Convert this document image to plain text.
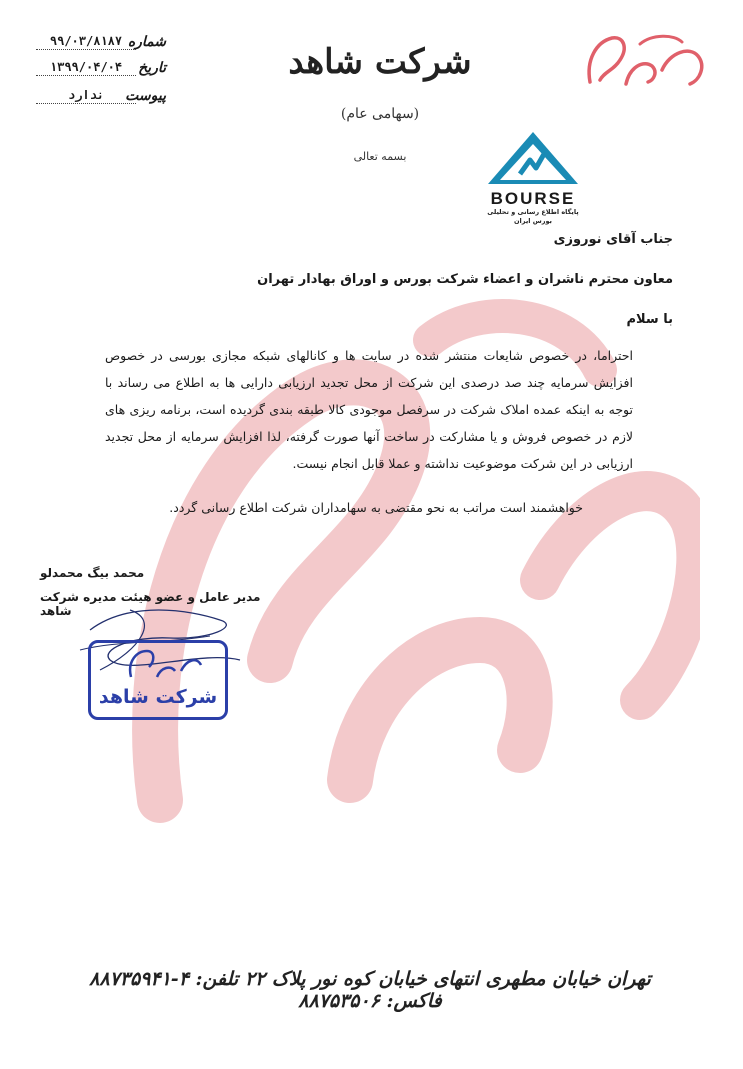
شرکت شاهد
(سهامی عام)
بسمه تعالی
شماره
۹۹/۰۳/۸۱۸۷
تاریخ
۱۳۹۹/۰۴/۰۴
پیوست
ندارد
BOURSE
پایگاه اطلاع رسانی و تحلیلی بورس ایران
جناب آقای نوروزی
معاون محترم ناشران و اعضاء شرکت بورس و اوراق بهادار تهران
با سلام
احتراما، در خصوص شایعات منتشر شده در سایت ها و کانالهای شبکه مجازی بورسی در خصوص افزایش سرمایه چند صد درصدی این شرکت از محل تجدید ارزیابی دارایی ها به اطلاع می رساند با توجه به اینکه عمده املاک شرکت در سرفصل موجودی کالا طبقه بندی گردیده است، برنامه ریزی های لازم در خصوص فروش و یا مشارکت در ساخت آنها صورت گرفته، لذا افزایش سرمایه از محل تجدید ارزیابی در این شرکت موضوعیت نداشته و عملا قابل انجام نیست.
خواهشمند است مراتب به نحو مقتضی به سهامداران شرکت اطلاع رسانی گردد.
محمد بیگ محمدلو
مدیر عامل و عضو هیئت مدیره شرکت شاهد
شرکت شاهد
تهران خیابان مطهری انتهای خیابان کوه نور پلاک ۲۲ تلفن: ۴-۸۸۷۳۵۹۴۱ فاکس: ۸۸۷۵۳۵۰۶
